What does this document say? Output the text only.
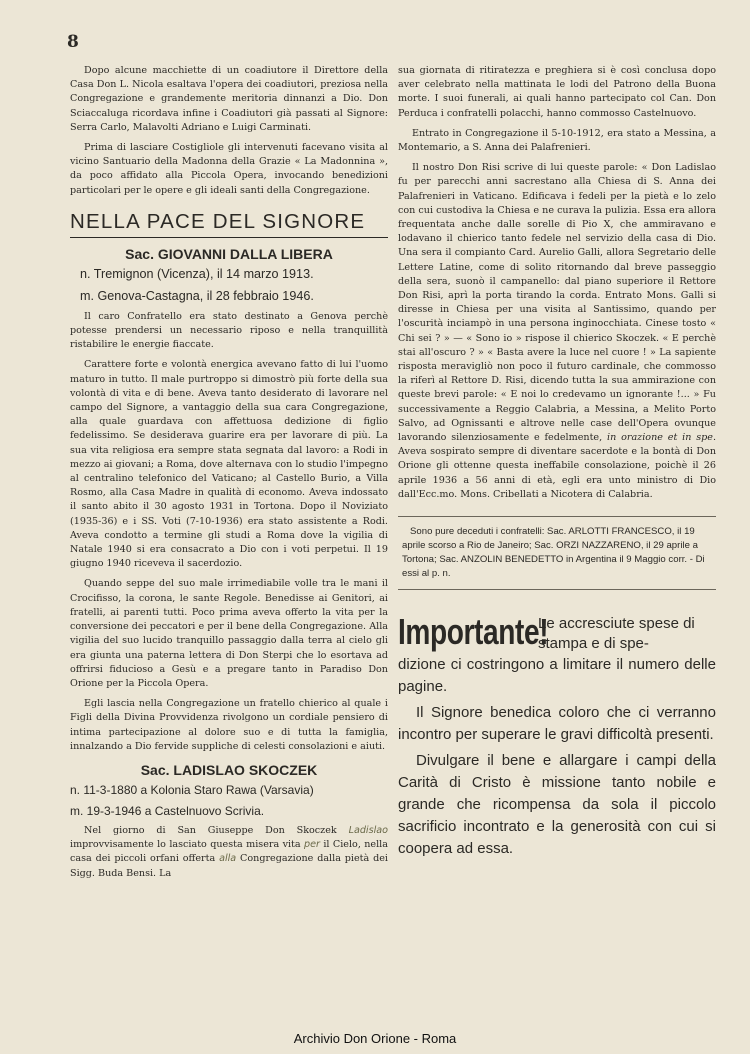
8

Dopo alcune macchiette di un coadiutore il Direttore della Casa Don L. Nicola esaltava l'opera dei coadiutori, preziosa nella Congregazione e grandemente meritoria dinnanzi a Dio. Don Sciaccaluga ricordava infine i Coadiutori già passati al Signore: Serra Carlo, Malavolti Adriano e Luigi Carminati.

Prima di lasciare Costigliole gli intervenuti facevano visita al vicino Santuario della Madonna della Grazie « La Madonnina », da poco affidato alla Piccola Opera, invocando benedizioni particolari per le opere e gli ideali santi della Congregazione.

NELLA PACE DEL SIGNORE
Sac. GIOVANNI DALLA LIBERA
n. Tremignon (Vicenza), il 14 marzo 1913.
m. Genova-Castagna, il 28 febbraio 1946.

Il caro Confratello era stato destinato a Genova perchè potesse prendersi un necessario riposo e nella tranquillità ristabilire le energie fiaccate.

Carattere forte e volontà energica avevano fatto di lui l'uomo maturo in tutto. Il male purtroppo si dimostrò più forte della sua volontà di vita e di bene. Aveva tanto desiderato di lavorare nel campo del Signore, a vantaggio della sua cara Congregazione, alla quale guardava con affettuosa dedizione di figlio fedelissimo. Se desiderava guarire era per lavorare di più. La sua vita religiosa era sempre stata segnata dal lavoro: a Rodi in mezzo ai giovani; a Roma, dove alternava con lo studio l'impegno al centralino telefonico del Vaticano; al Castello Burio, a Villa Rosmo, alla Casa Madre in qualità di economo. Aveva indossato il santo abito il 30 agosto 1931 in Tortona. Dopo il Noviziato (1935-36) e i SS. Voti (7-10-1936) era stato assistente a Rodi. Aveva condotto a termine gli studi a Roma dove la vigilia di Natale 1940 si era consacrato a Dio con i voti perpetui. Il 19 giugno 1940 riceveva il sacerdozio.

Quando seppe del suo male irrimediabile volle tra le mani il Crocifisso, la corona, le sante Regole. Benedisse ai Genitori, ai fratelli, ai parenti tutti. Poco prima aveva offerto la vita per la conversione dei peccatori e per il bene della Congregazione. Alla vigilia del suo lucido tranquillo passaggio dalla terra al cielo gli era giunta una paterna lettera di Don Sterpi che lo esortava ad offrirsi fiducioso a Gesù e a pregare tanto in Paradiso Don Orione per la Piccola Opera.

Egli lascia nella Congregazione un fratello chierico al quale i Figli della Divina Provvidenza rivolgono un cordiale pensiero di intima partecipazione al dolore suo e di tutta la famiglia, innalzando a Dio fervide suppliche di celesti consolazioni e aiuti.

Sac. LADISLAO SKOCZEK
n. 11-3-1880 a Kolonia Staro Rawa (Varsavia)
m. 19-3-1946 a Castelnuovo Scrivia.

Nel giorno di San Giuseppe Don Skoczek Ladislao improvvisamente lo lasciato questa misera vita per il Cielo, nella casa dei piccoli orfani offerta alla Congregazione dalla pietà dei Sigg. Buda Bensi. La

sua giornata di ritiratezza e preghiera si è così conclusa dopo aver celebrato nella mattinata le lodi del Patrono della Buona morte. I suoi funerali, ai quali hanno partecipato col Can. Don Perduca i confratelli polacchi, hanno commosso Castelnuovo.

Entrato in Congregazione il 5-10-1912, era stato a Messina, a Montemario, a S. Anna dei Palafrenieri.

Il nostro Don Risi scrive di lui queste parole: « Don Ladislao fu per parecchi anni sacrestano alla Chiesa di S. Anna dei Palafrenieri in Vaticano. Edificava i fedeli per la pietà e lo zelo con cui custodiva la Chiesa e ne curava la pulizia. Essa era allora frequentata anche dalle sorelle di Pio X, che ammiravano e lodavano il chierico tanto fedele nel servizio della casa di Dio. Una sera il compianto Card. Aurelio Galli, allora Segretario delle Lettere Latine, come di solito ritornando dal breve passeggio della sera, suonò il campanello: dal piano superiore il Rettore Don Risi, aprì la porta tirando la corda. Entrato Mons. Galli si diresse in Chiesa per una visita al Santissimo, quando per l'oscurità inciampò in una persona inginocchiata. Cinese tosto « Chi sei ? » — « Sono io » rispose il chierico Skoczek. « E perchè stai all'oscuro ? » « Basta avere la luce nel cuore ! » La sapiente risposta meravigliò non poco il futuro cardinale, che commosso la riferì al Rettore D. Risi, dicendo tutta la sua ammirazione con queste brevi parole: « E noi lo credevamo un ignorante !... » Fu successivamente a Reggio Calabria, a Messina, a Melito Porto Salvo, ad Ognissanti e altrove nelle case dell'Opera ovunque lavorando silenziosamente e fedelmente, in orazione et in spe. Aveva sospirato sempre di diventare sacerdote e la bontà di Don Orione gli ottenne questa ineffabile consolazione, poichè il 26 aprile 1936 a 56 anni di età, egli era unto ministro di Dio dall'Ecc.mo. Mons. Cribellati a Nicotera di Calabria.

Sono pure deceduti i confratelli: Sac. ARLOTTI FRANCESCO, il 19 aprile scorso a Rio de Janeiro; Sac. ORZI NAZZARENO, il 29 aprile a Tortona; Sac. ANZOLIN BENEDETTO in Argentina il 9 Maggio corr. - Di essi al p. n.
Importante!
Le accresciute spese di stampa e di spe-

dizione ci costringono a limitare il numero delle pagine.

Il Signore benedica coloro che ci verranno incontro per superare le gravi difficoltà presenti.

Divulgare il bene e allargare i campi della Carità di Cristo è missione tanto nobile e grande che ricompensa da sola il piccolo sacrificio incontrato e la generosità con cui si coopera ad essa.

Archivio Don Orione - Roma
